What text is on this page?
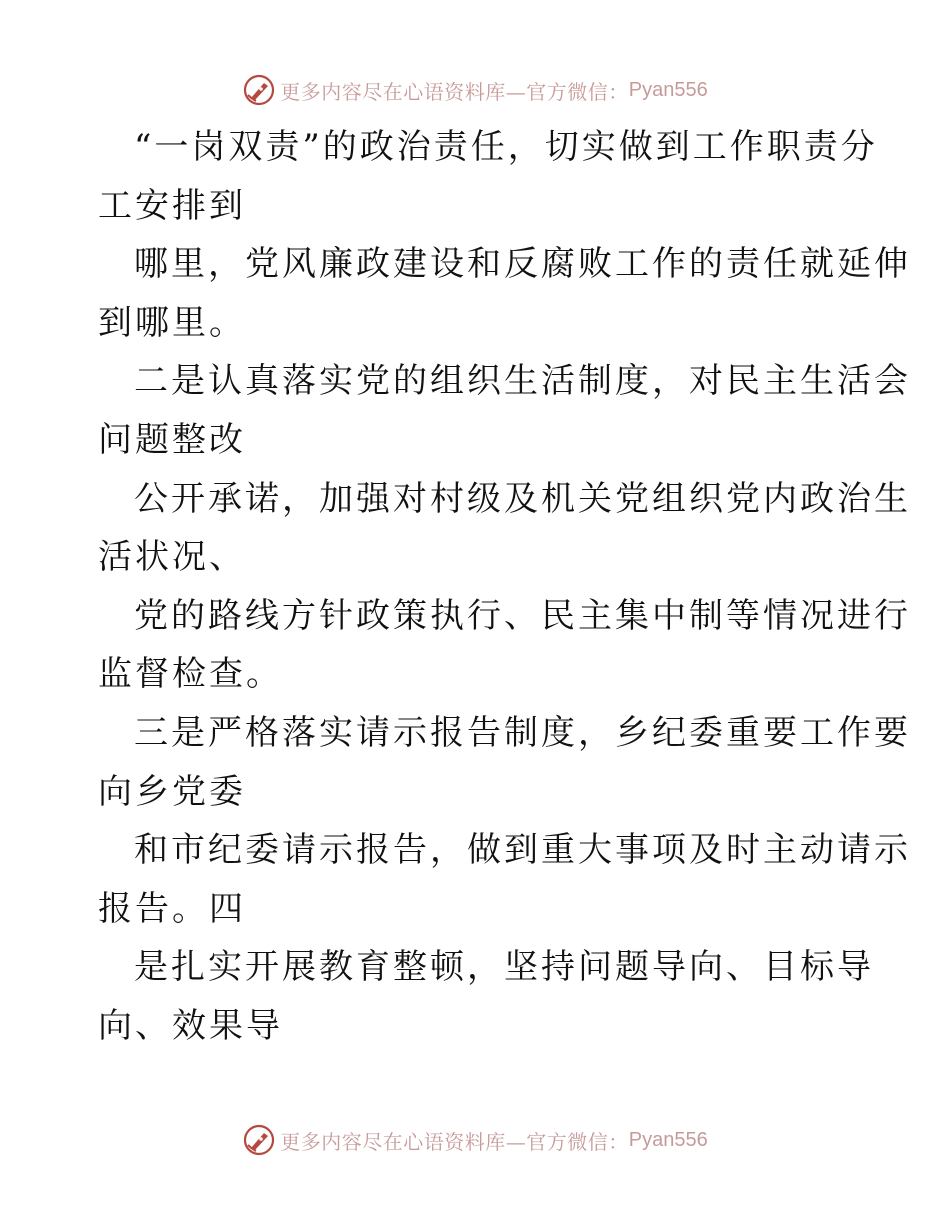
更多内容尽在心语资料库—官方微信： Pyan556
“一岗双责”的政治责任，切实做到工作职责分
工安排到
哪里，党风廉政建设和反腐败工作的责任就延伸
到哪里。
二是认真落实党的组织生活制度，对民主生活会
问题整改
公开承诺，加强对村级及机关党组织党内政治生
活状况、
党的路线方针政策执行、民主集中制等情况进行
监督检查。
三是严格落实请示报告制度，乡纪委重要工作要
向乡党委
和市纪委请示报告，做到重大事项及时主动请示
报告。四
是扎实开展教育整顿，坚持问题导向、目标导
向、效果导
更多内容尽在心语资料库—官方微信： Pyan556
